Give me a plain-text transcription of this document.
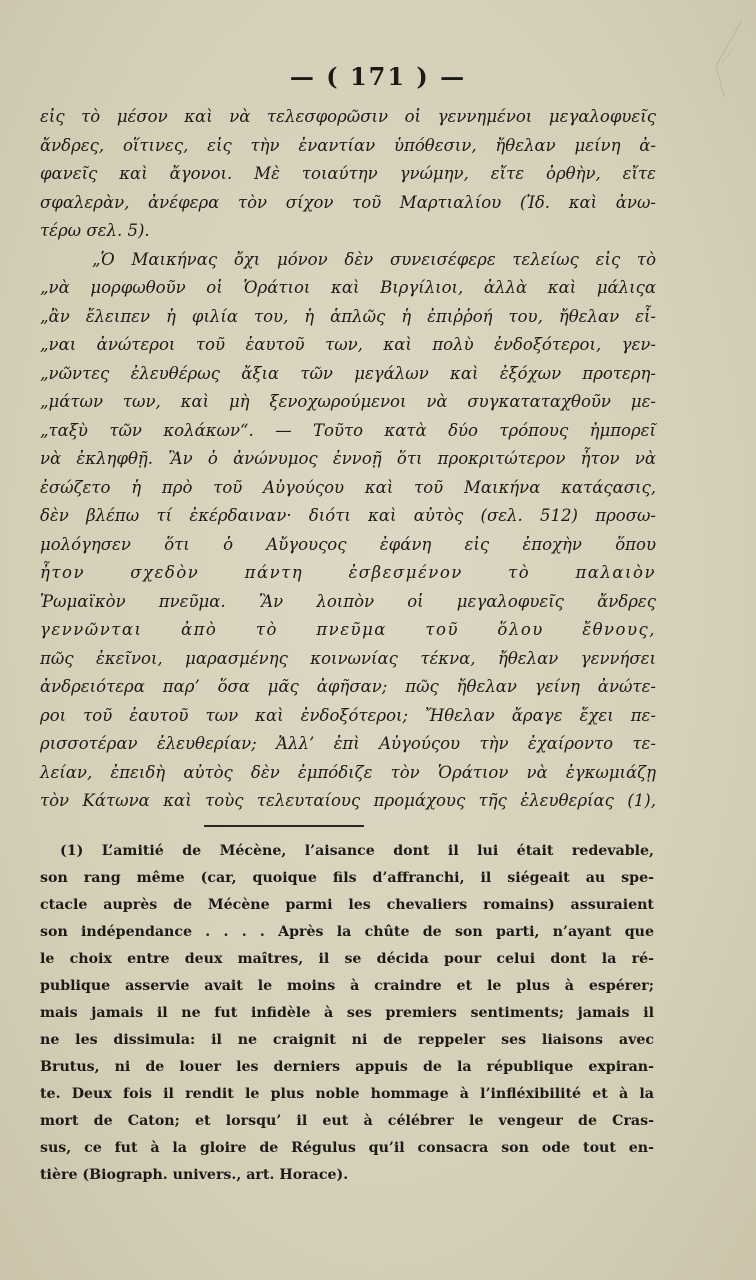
— ( 171 ) —
εἰς τὸ μέσον καὶ νὰ τελεσφορῶσιν οἱ γεννημένοι μεγαλοφυεῖς
ἄνδρες, οἵτινες, εἰς τὴν ἐναντίαν ὑπόθεσιν, ἤθελαν μείνη ἀ-
φανεῖς καὶ ἄγονοι. Μὲ τοιαύτην γνώμην, εἴτε ὀρθὴν, εἴτε
σφαλερὰν, ἀνέφερα τὸν σίχον τοῦ Μαρτιαλίου (Ἰδ. καὶ ἀνω-
τέρω σελ. 5).
„Ὁ Μαικήνας ὄχι μόνον δὲν συνεισέφερε τελείως εἰς τὸ
„νὰ μορφωθοῦν οἱ Ὁράτιοι καὶ Βιργίλιοι, ἀλλὰ καὶ μάλιςα
„ἂν ἔλειπεν ἡ φιλία του, ἡ ἁπλῶς ἡ ἐπιῤῥοή του, ἤθελαν εἶ-
„ναι ἀνώτεροι τοῦ ἑαυτοῦ των, καὶ πολὺ ἐνδοξότεροι, γεν-
„νῶντες ἐλευθέρως ἄξια τῶν μεγάλων καὶ ἐξόχων προτερη-
„μάτων των, καὶ μὴ ξενοχωρούμενοι νὰ συγκαταταχθοῦν με-
„ταξὺ τῶν κολάκων“. — Τοῦτο κατὰ δύο τρόπους ἠμπορεῖ
νὰ ἐκληφθῇ. Ἂν ὁ ἀνώνυμος ἐννοῇ ὅτι προκριτώτερον ἦτον νὰ
ἐσώζετο ἡ πρὸ τοῦ Αὐγούςου καὶ τοῦ Μαικήνα κατάςασις,
δὲν βλέπω τί ἐκέρδαιναν· διότι καὶ αὐτὸς (σελ. 512) προσω-
μολόγησεν ὅτι ὁ Αὔγουςος ἐφάνη εἰς ἐποχὴν ὅπου
ἦτον σχεδὸν πάντη ἐσβεσμένον τὸ παλαιὸν
Ῥωμαϊκὸν πνεῦμα. Ἂν λοιπὸν οἱ μεγαλοφυεῖς ἄνδρες
γεννῶνται ἀπὸ τὸ πνεῦμα τοῦ ὅλου ἔθνους,
πῶς ἐκεῖνοι, μαρασμένης κοινωνίας τέκνα, ἤθελαν γεννήσει
ἀνδρειότερα παρ’ ὅσα μᾶς ἀφῆσαν; πῶς ἤθελαν γείνη ἀνώτε-
ροι τοῦ ἑαυτοῦ των καὶ ἐνδοξότεροι; Ἤθελαν ἄραγε ἔχει πε-
ρισσοτέραν ἐλευθερίαν; Ἀλλ’ ἐπὶ Αὐγούςου τὴν ἐχαίροντο τε-
λείαν, ἐπειδὴ αὐτὸς δὲν ἐμπόδιζε τὸν Ὁράτιον νὰ ἐγκωμιάζῃ
τὸν Κάτωνα καὶ τοὺς τελευταίους προμάχους τῆς ἐλευθερίας (1),
(1) L’amitié de Mécène, l’aisance dont il lui était redevable,
son rang même (car, quoique fils d’affranchi, il siégeait au spe-
ctacle auprès de Mécène parmi les chevaliers romains) assuraient
son indépendance . . . . Après la chûte de son parti, n’ayant que
le choix entre deux maîtres, il se décida pour celui dont la ré-
publique asservie avait le moins à craindre et le plus à espérer;
mais jamais il ne fut infidèle à ses premiers sentiments; jamais il
ne les dissimula: il ne craignit ni de reppeler ses liaisons avec
Brutus, ni de louer les derniers appuis de la république expiran-
te. Deux fois il rendit le plus noble hommage à l’infléxibilité et à la
mort de Caton; et lorsqu’ il eut à célébrer le vengeur de Cras-
sus, ce fut à la gloire de Régulus qu’il consacra son ode tout en-
tière (Biograph. univers., art. Horace).
